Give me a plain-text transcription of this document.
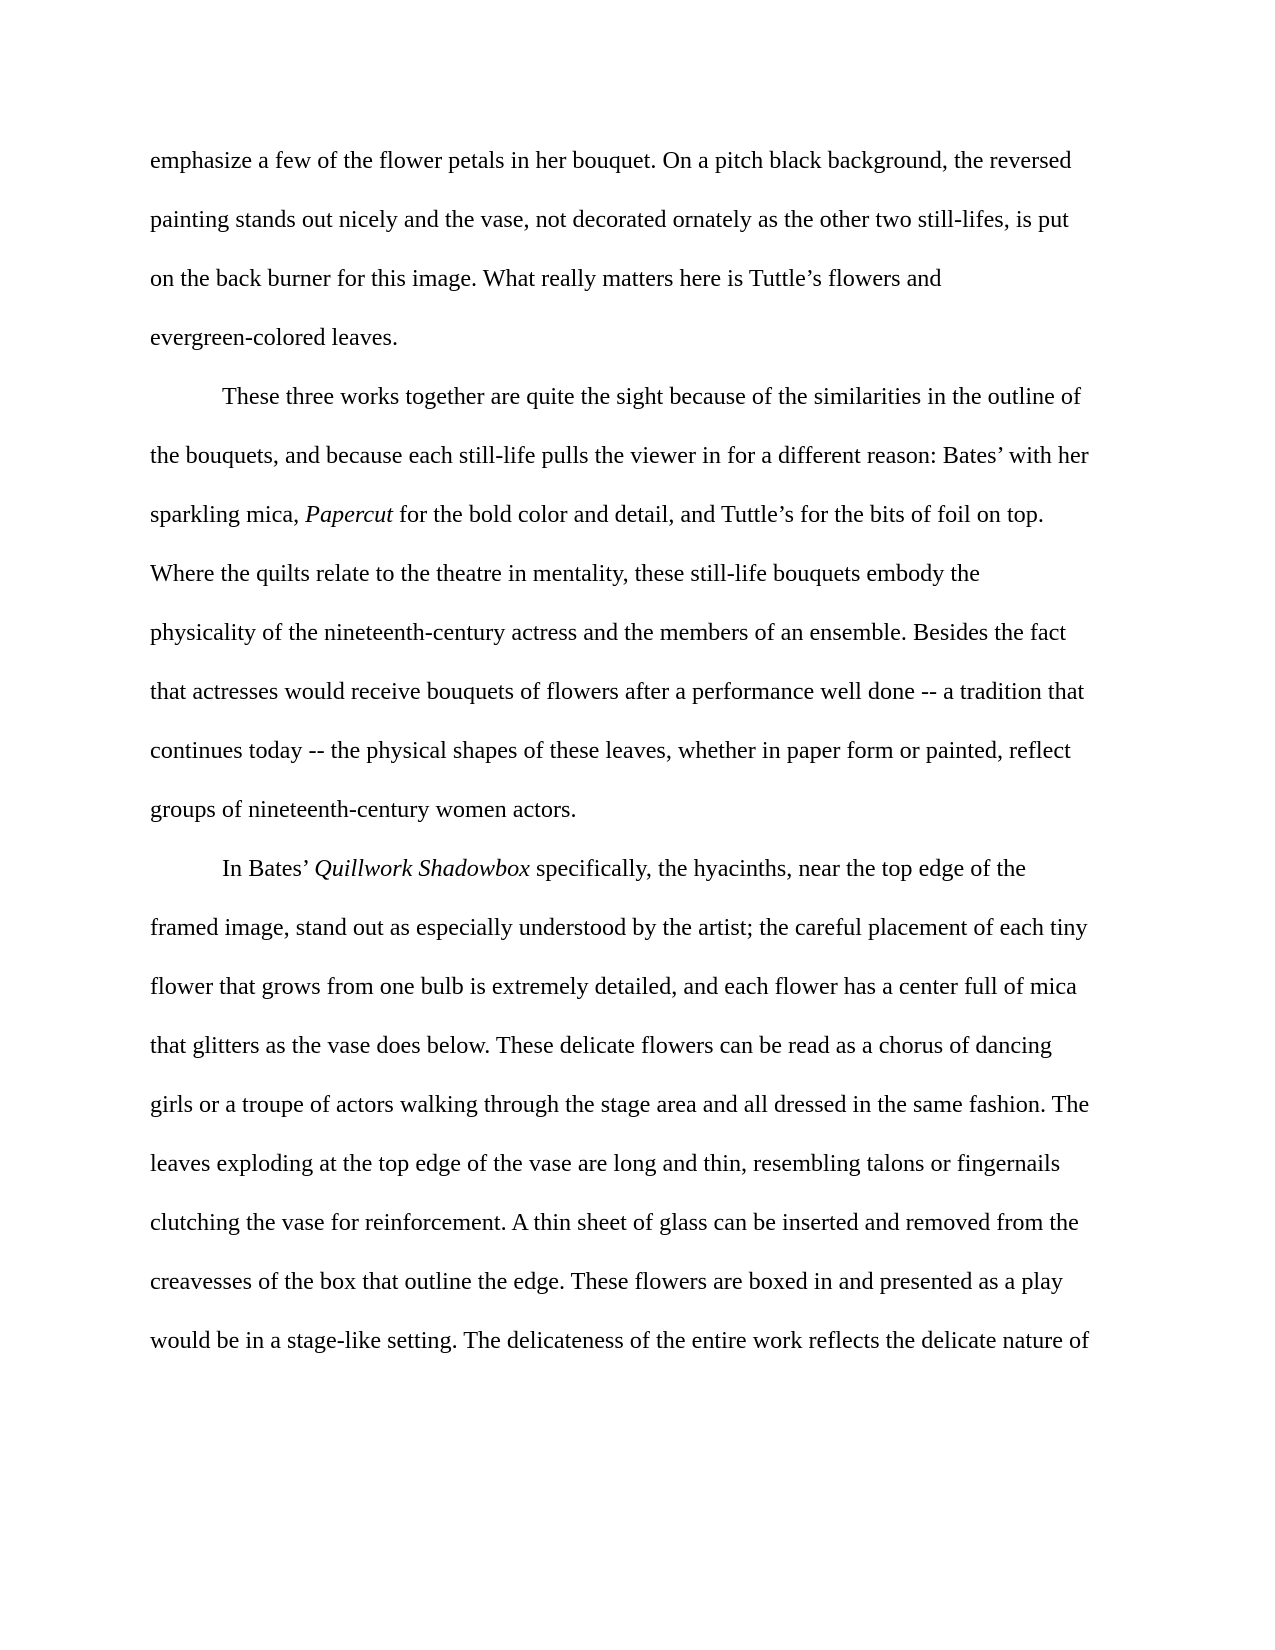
emphasize a few of the flower petals in her bouquet. On a pitch black background, the reversed
painting stands out nicely and the vase, not decorated ornately as the other two still-lifes, is put
on the back burner for this image. What really matters here is Tuttle’s flowers and
evergreen-colored leaves.
These three works together are quite the sight because of the similarities in the outline of
the bouquets, and because each still-life pulls the viewer in for a different reason: Bates’ with her
sparkling mica, Papercut for the bold color and detail, and Tuttle’s for the bits of foil on top.
Where the quilts relate to the theatre in mentality, these still-life bouquets embody the
physicality of the nineteenth-century actress and the members of an ensemble. Besides the fact
that actresses would receive bouquets of flowers after a performance well done -- a tradition that
continues today -- the physical shapes of these leaves, whether in paper form or painted, reflect
groups of nineteenth-century women actors.
In Bates’ Quillwork Shadowbox specifically, the hyacinths, near the top edge of the
framed image, stand out as especially understood by the artist; the careful placement of each tiny
flower that grows from one bulb is extremely detailed, and each flower has a center full of mica
that glitters as the vase does below. These delicate flowers can be read as a chorus of dancing
girls or a troupe of actors walking through the stage area and all dressed in the same fashion. The
leaves exploding at the top edge of the vase are long and thin, resembling talons or fingernails
clutching the vase for reinforcement. A thin sheet of glass can be inserted and removed from the
creavesses of the box that outline the edge. These flowers are boxed in and presented as a play
would be in a stage-like setting. The delicateness of the entire work reflects the delicate nature of
